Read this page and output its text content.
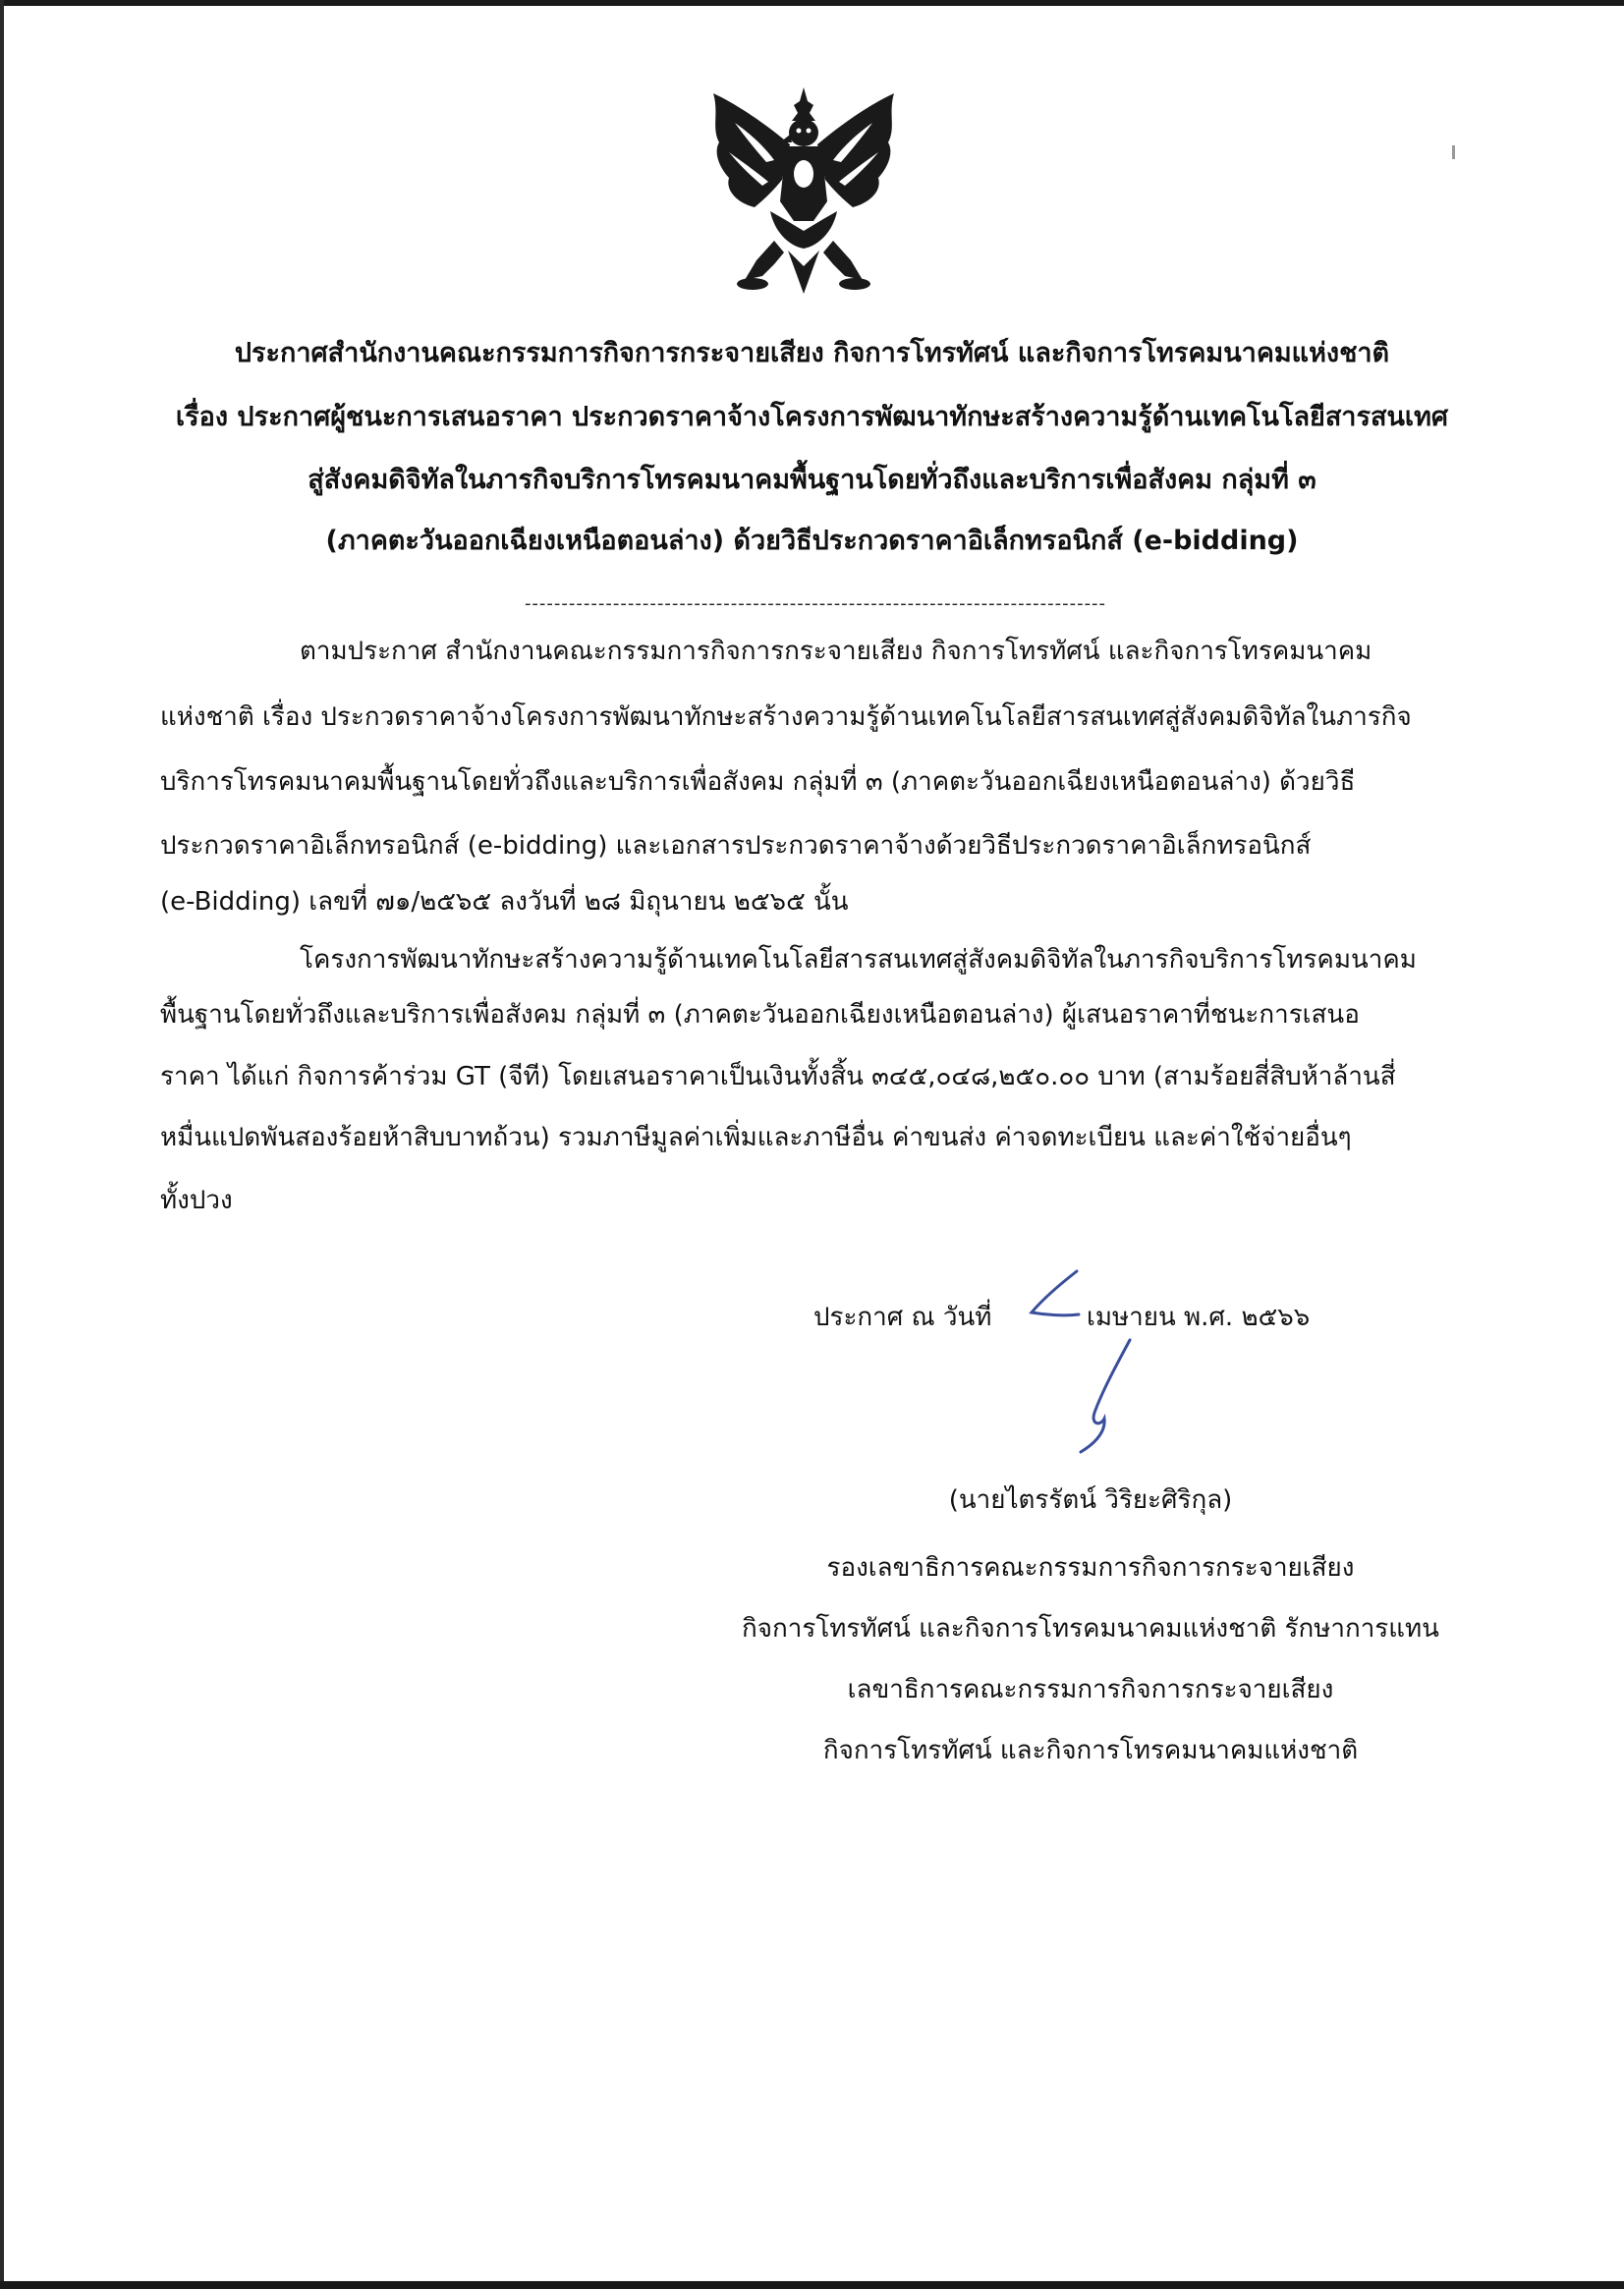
ประกาศสำนักงานคณะกรรมการกิจการกระจายเสียง กิจการโทรทัศน์ และกิจการโทรคมนาคมแห่งชาติ
เรื่อง ประกาศผู้ชนะการเสนอราคา ประกวดราคาจ้างโครงการพัฒนาทักษะสร้างความรู้ด้านเทคโนโลยีสารสนเทศ
สู่สังคมดิจิทัลในภารกิจบริการโทรคมนาคมพื้นฐานโดยทั่วถึงและบริการเพื่อสังคม กลุ่มที่ ๓
(ภาคตะวันออกเฉียงเหนือตอนล่าง) ด้วยวิธีประกวดราคาอิเล็กทรอนิกส์ (e-bidding)
-------------------------------------------------------------------------------
ตามประกาศ สำนักงานคณะกรรมการกิจการกระจายเสียง กิจการโทรทัศน์ และกิจการโทรคมนาคม
แห่งชาติ เรื่อง ประกวดราคาจ้างโครงการพัฒนาทักษะสร้างความรู้ด้านเทคโนโลยีสารสนเทศสู่สังคมดิจิทัลในภารกิจ
บริการโทรคมนาคมพื้นฐานโดยทั่วถึงและบริการเพื่อสังคม กลุ่มที่ ๓ (ภาคตะวันออกเฉียงเหนือตอนล่าง) ด้วยวิธี
ประกวดราคาอิเล็กทรอนิกส์ (e-bidding) และเอกสารประกวดราคาจ้างด้วยวิธีประกวดราคาอิเล็กทรอนิกส์
(e-Bidding) เลขที่ ๗๑/๒๕๖๕ ลงวันที่ ๒๘ มิถุนายน ๒๕๖๕ นั้น
โครงการพัฒนาทักษะสร้างความรู้ด้านเทคโนโลยีสารสนเทศสู่สังคมดิจิทัลในภารกิจบริการโทรคมนาคม
พื้นฐานโดยทั่วถึงและบริการเพื่อสังคม กลุ่มที่ ๓ (ภาคตะวันออกเฉียงเหนือตอนล่าง) ผู้เสนอราคาที่ชนะการเสนอ
ราคา ได้แก่ กิจการค้าร่วม GT (จีที) โดยเสนอราคาเป็นเงินทั้งสิ้น ๓๔๕,๐๔๘,๒๕๐.๐๐ บาท (สามร้อยสี่สิบห้าล้านสี่
หมื่นแปดพันสองร้อยห้าสิบบาทถ้วน) รวมภาษีมูลค่าเพิ่มและภาษีอื่น ค่าขนส่ง ค่าจดทะเบียน และค่าใช้จ่ายอื่นๆ
ทั้งปวง
ประกาศ ณ วันที่	เมษายน พ.ศ. ๒๕๖๖
(นายไตรรัตน์ วิริยะศิริกุล)
รองเลขาธิการคณะกรรมการกิจการกระจายเสียง
กิจการโทรทัศน์ และกิจการโทรคมนาคมแห่งชาติ รักษาการแทน
เลขาธิการคณะกรรมการกิจการกระจายเสียง
กิจการโทรทัศน์ และกิจการโทรคมนาคมแห่งชาติ
